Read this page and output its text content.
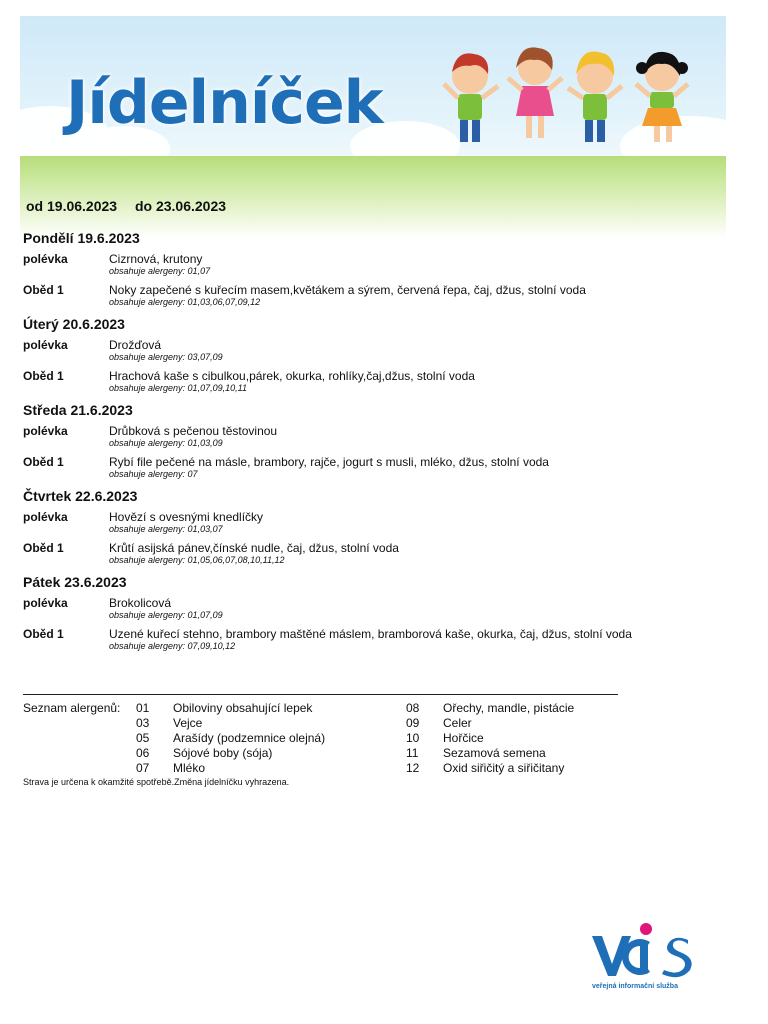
Jídelníček
od 19.06.2023 do 23.06.2023
Pondělí 19.6.2023
polévka	Cizrnová, krutony
obsahuje alergeny: 01,07
Oběd 1	Noky zapečené s kuřecím masem,květákem a sýrem, červená řepa, čaj, džus, stolní voda
obsahuje alergeny: 01,03,06,07,09,12
Úterý 20.6.2023
polévka	Drožďová
obsahuje alergeny: 03,07,09
Oběd 1	Hrachová kaše s cibulkou,párek, okurka, rohlíky,čaj,džus, stolní voda
obsahuje alergeny: 01,07,09,10,11
Středa 21.6.2023
polévka	Drůbková s pečenou těstovinou
obsahuje alergeny: 01,03,09
Oběd 1	Rybí file pečené na másle, brambory, rajče, jogurt s musli, mléko, džus, stolní voda
obsahuje alergeny: 07
Čtvrtek 22.6.2023
polévka	Hovězí s ovesnými knedlíčky
obsahuje alergeny: 01,03,07
Oběd 1	Krůtí asijská pánev,čínské nudle, čaj, džus, stolní voda
obsahuje alergeny: 01,05,06,07,08,10,11,12
Pátek 23.6.2023
polévka	Brokolicová
obsahuje alergeny: 01,07,09
Oběd 1	Uzené kuřecí stehno, brambory maštěné máslem, bramborová kaše, okurka, čaj, džus, stolní voda
obsahuje alergeny: 07,09,10,12
Seznam alergenů:	01	Obiloviny obsahující lepek
03	Vejce
05	Arašídy (podzemnice olejná)
06	Sójové boby (sója)
07	Mléko
08	Ořechy, mandle, pistácie
09	Celer
10	Hořčice
11	Sezamová semena
12	Oxid siřičitý a siřičitany
Strava je určena k okamžité spotřebě.Změna jídelníčku vyhrazena.
veřejná informační služba
